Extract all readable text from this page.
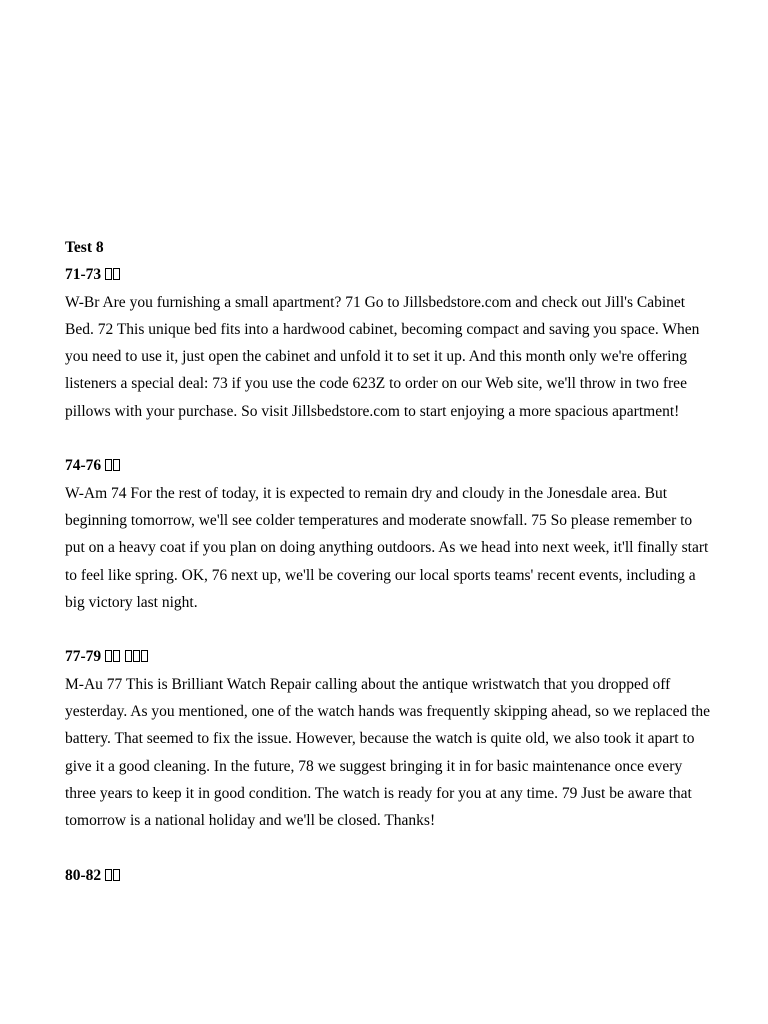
Test 8

71-73

W-Br Are you furnishing a small apartment? 71 Go to Jillsbedstore.com and check out Jill's Cabinet Bed. 72 This unique bed fits into a hardwood cabinet, becoming compact and saving you space. When you need to use it, just open the cabinet and unfold it to set it up. And this month only we're offering listeners a special deal: 73 if you use the code 623Z to order on our Web site, we'll throw in two free pillows with your purchase. So visit Jillsbedstore.com to start enjoying a more spacious apartment!

74-76

W-Am 74 For the rest of today, it is expected to remain dry and cloudy in the Jonesdale area. But beginning tomorrow, we'll see colder temperatures and moderate snowfall. 75 So please remember to put on a heavy coat if you plan on doing anything outdoors. As we head into next week, it'll finally start to feel like spring. OK, 76 next up, we'll be covering our local sports teams' recent events, including a big victory last night.

77-79

M-Au 77 This is Brilliant Watch Repair calling about the antique wristwatch that you dropped off yesterday. As you mentioned, one of the watch hands was frequently skipping ahead, so we replaced the battery. That seemed to fix the issue. However, because the watch is quite old, we also took it apart to give it a good cleaning. In the future, 78 we suggest bringing it in for basic maintenance once every three years to keep it in good condition. The watch is ready for you at any time. 79 Just be aware that tomorrow is a national holiday and we'll be closed. Thanks!

80-82
